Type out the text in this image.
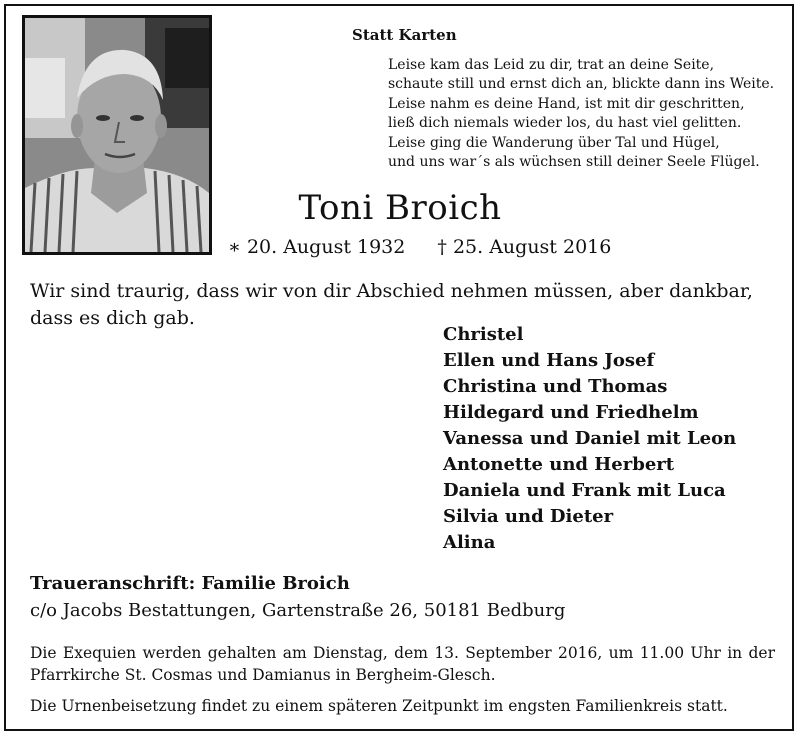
Statt Karten
Leise kam das Leid zu dir, trat an deine Seite,
schaute still und ernst dich an, blickte dann ins Weite.
Leise nahm es deine Hand, ist mit dir geschritten,
ließ dich niemals wieder los, du hast viel gelitten.
Leise ging die Wanderung über Tal und Hügel,
und uns war´s als wüchsen still deiner Seele Flügel.
Toni Broich
∗ 20. August 1932 † 25. August 2016
Wir sind traurig, dass wir von dir Abschied nehmen müssen, aber dankbar, dass es dich gab.
Christel
Ellen und Hans Josef
Christina und Thomas
Hildegard und Friedhelm
Vanessa und Daniel mit Leon
Antonette und Herbert
Daniela und Frank mit Luca
Silvia und Dieter
Alina
Traueranschrift: Familie Broich
c/o Jacobs Bestattungen, Gartenstraße 26, 50181 Bedburg
Die Exequien werden gehalten am Dienstag, dem 13. September 2016, um 11.00 Uhr in der Pfarrkirche St. Cosmas und Damianus in Bergheim-Glesch.
Die Urnenbeisetzung findet zu einem späteren Zeitpunkt im engsten Familienkreis statt.
